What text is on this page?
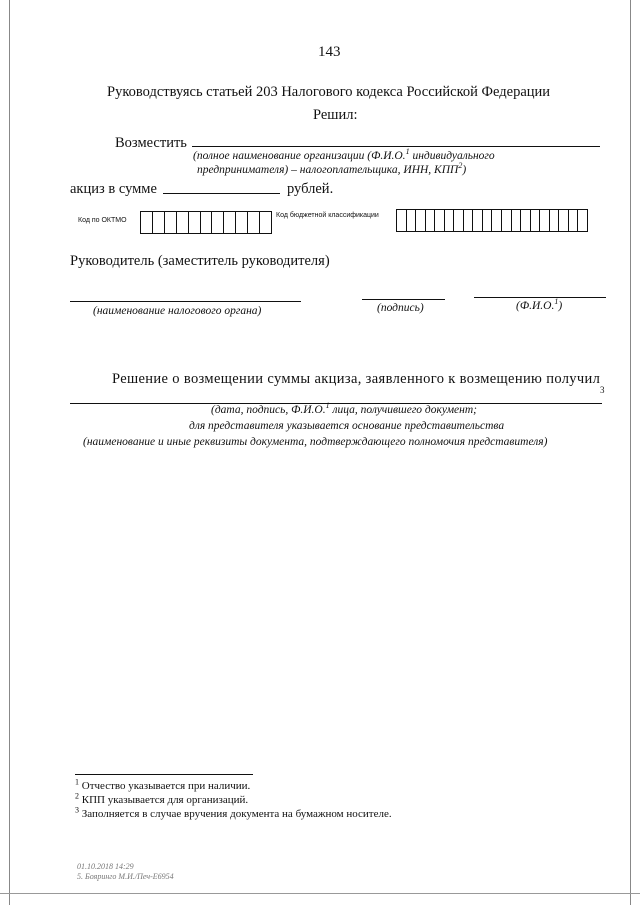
143
Руководствуясь статьей 203 Налогового кодекса Российской Федерации
Решил:
Возместить
(полное наименование организации (Ф.И.О.$^1$ индивидуального
предпринимателя) – налогоплательщика, ИНН, КПП$^2$)
акциз в сумме	рублей.
Код по ОКТМО
Код бюджетной классификации
Руководитель (заместитель руководителя)
(наименование налогового органа)	(подпись)	(Ф.И.О.$^1$)
Решение о возмещении суммы акциза, заявленного к возмещению получил
3
(дата, подпись, Ф.И.О.$^1$ лица, получившего документ;
для представителя указывается основание представительства
(наименование и иные реквизиты документа, подтверждающего полномочия представителя)
$^1$ Отчество указывается при наличии.
$^2$ КПП указывается для организаций.
$^3$ Заполняется в случае вручения документа на бумажном носителе.
01.10.2018 14:29
5. Бояринго М.И./Печ-Е6954
